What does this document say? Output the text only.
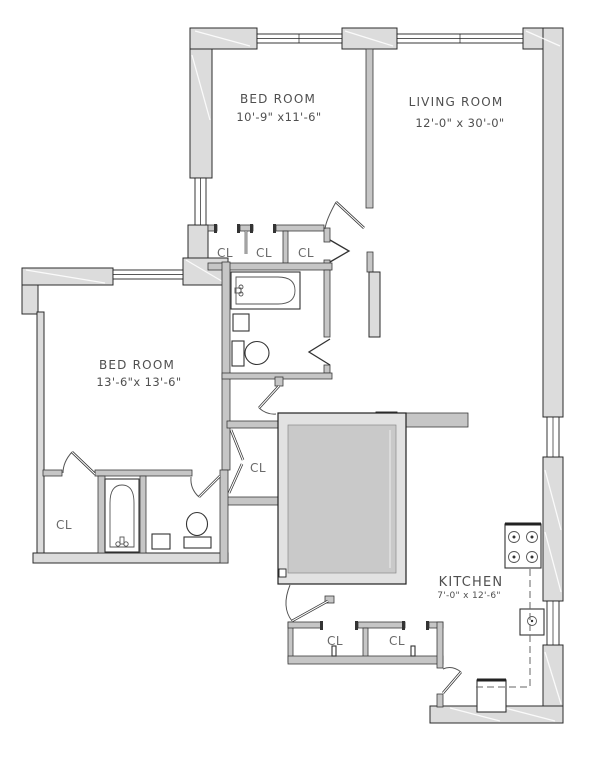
BED ROOM
10'-9" x11'-6"
LIVING ROOM
12'-0" x 30'-0"
BED ROOM
13'-6"x 13'-6"
KITCHEN
7'-0" x 12'-6"
CL CL CL
CL
CL
CL	CL
